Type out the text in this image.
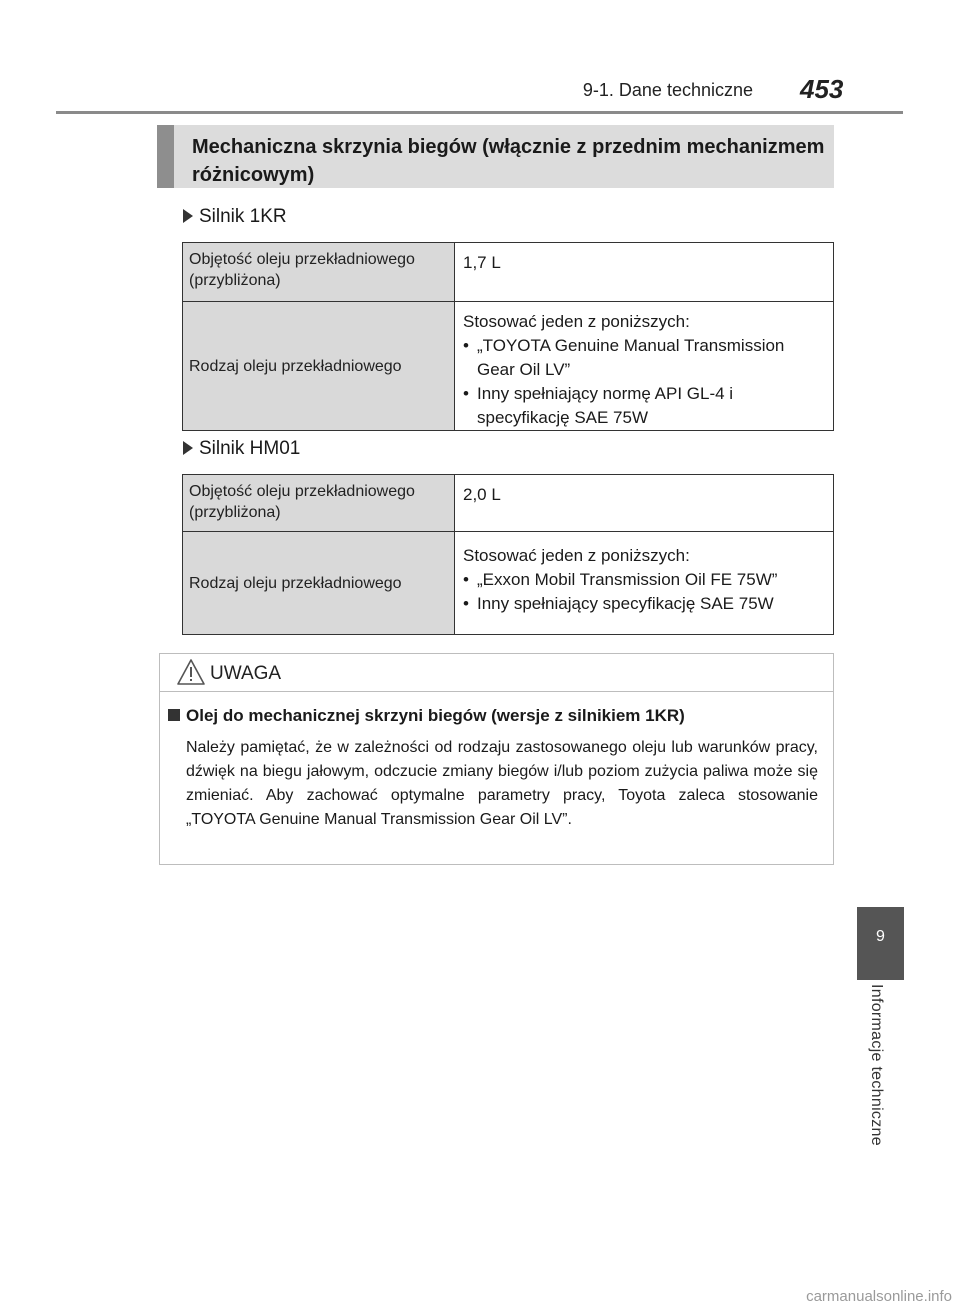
9-1. Dane techniczne 453
Mechaniczna skrzynia biegów (włącznie z przednim mechanizmem różnicowym)
Silnik 1KR
Objętość oleju przekładniowego (przybliżona)	1,7 L
Rodzaj oleju przekładniowego	Stosować jeden z poniższych:
• „TOYOTA Genuine Manual Transmission Gear Oil LV”
• Inny spełniający normę API GL-4 i specyfikację SAE 75W
Silnik HM01
Objętość oleju przekładniowego (przybliżona)	2,0 L
Rodzaj oleju przekładniowego	Stosować jeden z poniższych:
• „Exxon Mobil Transmission Oil FE 75W”
• Inny spełniający specyfikację SAE 75W
UWAGA
Olej do mechanicznej skrzyni biegów (wersje z silnikiem 1KR)
Należy pamiętać, że w zależności od rodzaju zastosowanego oleju lub warunków pracy, dźwięk na biegu jałowym, odczucie zmiany biegów i/lub poziom zużycia paliwa może się zmieniać. Aby zachować optymalne parametry pracy, Toyota zaleca stosowanie „TOYOTA Genuine Manual Transmission Gear Oil LV”.
9
Informacje techniczne
carmanualsonline.info
